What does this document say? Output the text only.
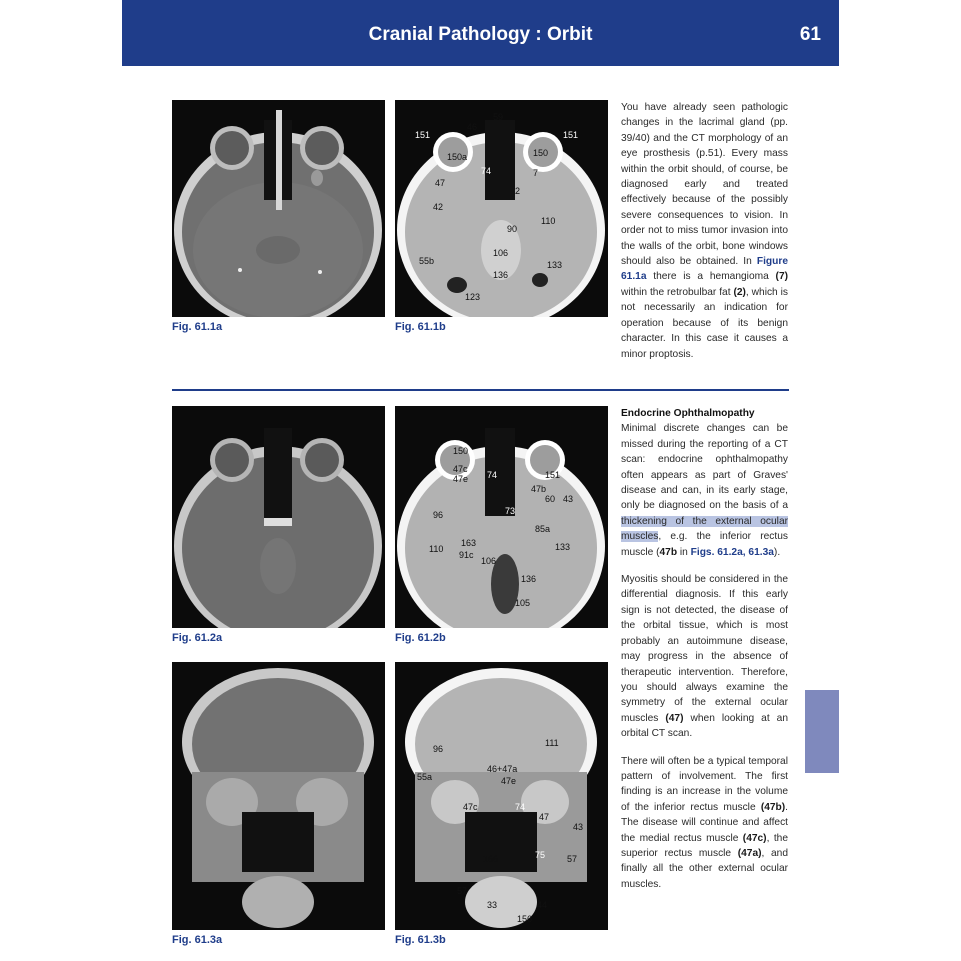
Cranial Pathology : Orbit	61
Fig. 61.1a
151
46
59
151
150a	150
74	7
47
2
42
110
90
106
55b
136
133
123
Fig. 61.1b

You have already seen pathologic changes in the lacrimal gland (pp. 39/40) and the CT morphology of an eye prosthesis (p.51). Every mass within the orbit should, of course, be diagnosed early and treated effectively because of the possibly severe consequences to vision. In order not to miss tumor invasion into the walls of the orbit, bone windows should also be obtained. In Figure 61.1a there is a hemangioma (7) within the retrobulbar fat (2), which is not necessarily an indication for operation because of its benign character. In this case it causes a minor proptosis.

Fig. 61.2a
150
47c
47e 74	151
47b
60 43
96	73
85a
163
91c
106
133
110
136
105
Fig. 61.2b
Fig. 61.3a
111
96
46+47a
55a	47e
47c	74
47
43
166	75 57
57
33
156
44
Fig. 61.3b
Endocrine Ophthalmopathy

Minimal discrete changes can be missed during the reporting of a CT scan: endocrine ophthalmopathy often appears as part of Graves' disease and can, in its early stage, only be diagnosed on the basis of a thickening of the external ocular muscles, e.g. the inferior rectus muscle (47b in Figs. 61.2a, 61.3a).

Myositis should be considered in the differential diagnosis. If this early sign is not detected, the disease of the orbital tissue, which is most probably an autoimmune disease, may progress in the absence of therapeutic intervention. Therefore, you should always examine the symmetry of the external ocular muscles (47) when looking at an orbital CT scan.

There will often be a typical temporal pattern of involvement. The first finding is an increase in the volume of the inferior rectus muscle (47b). The disease will continue and affect the medial rectus muscle (47c), the superior rectus muscle (47a), and finally all the other external ocular muscles.
